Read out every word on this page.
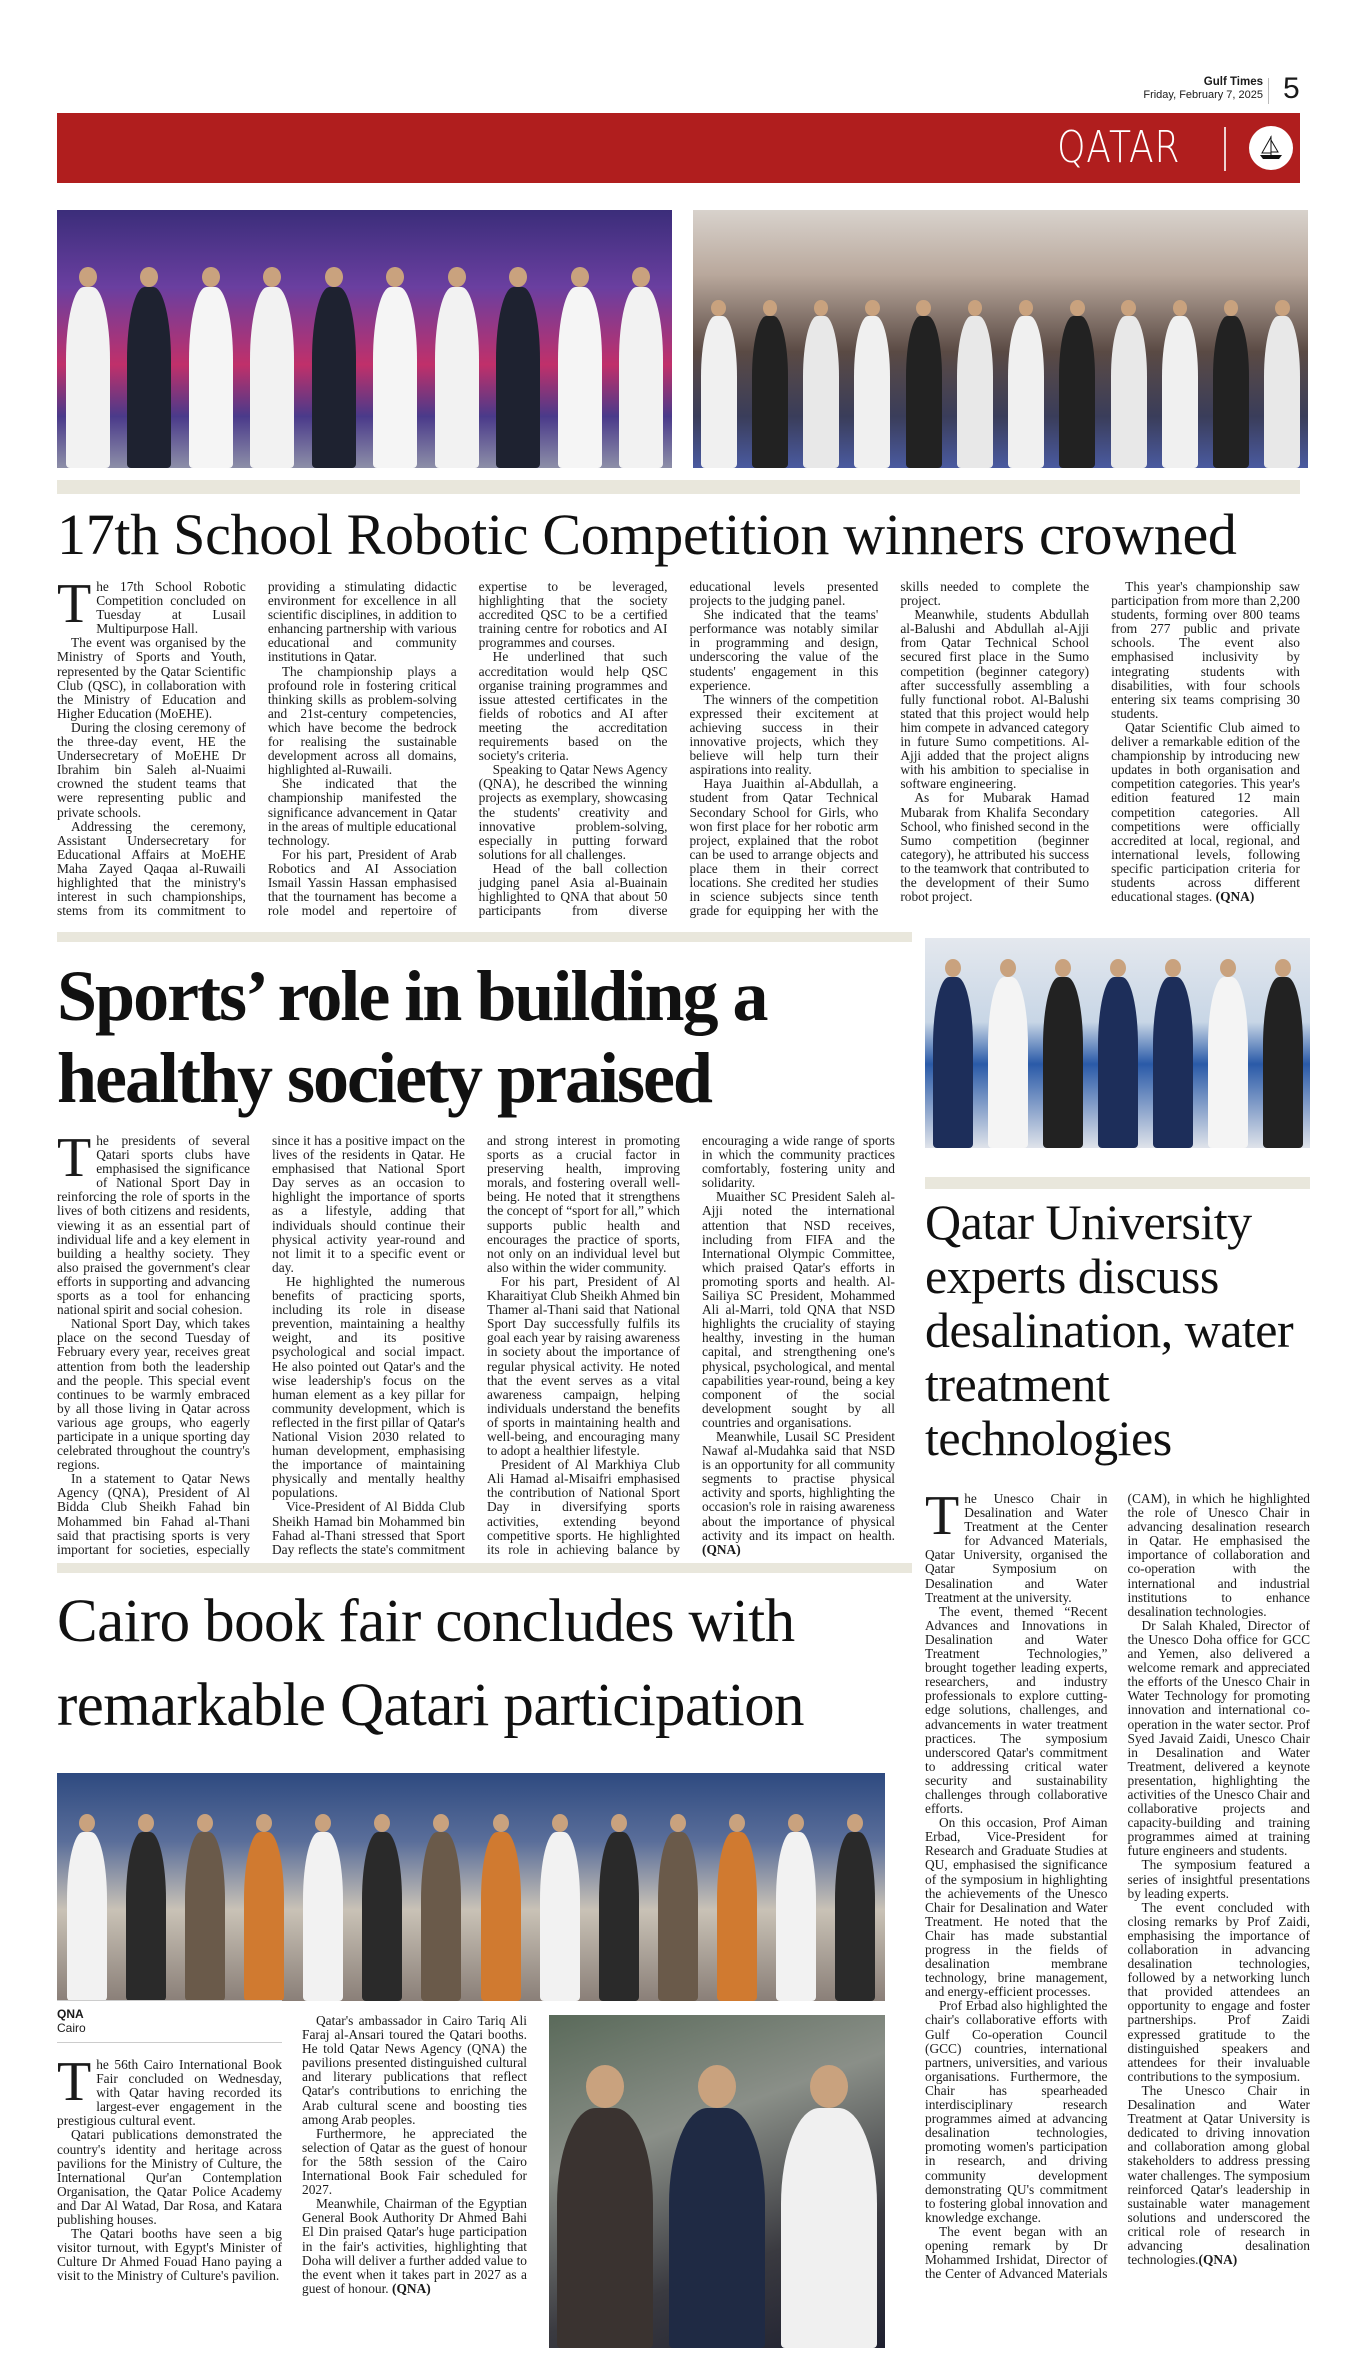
Gulf Times
Friday, February 7, 2025 5
QATAR
17th School Robotic Competition winners crowned

The 17th School Robotic Competition concluded on Tuesday at Lusail Multipurpose Hall.

The event was organised by the Ministry of Sports and Youth, represented by the Qatar Scientific Club (QSC), in collaboration with the Ministry of Education and Higher Education (MoEHE).

During the closing ceremony of the three-day event, HE the Undersecretary of MoEHE Dr Ibrahim bin Saleh al-Nuaimi crowned the student teams that were representing public and private schools.

Addressing the ceremony, Assistant Undersecretary for Educational Affairs at MoEHE Maha Zayed Qaqaa al-Ruwaili highlighted that the ministry's interest in such championships, stems from its commitment to providing a stimulating didactic environment for excellence in all scientific disciplines, in addition to enhancing partnership with various educational and community institutions in Qatar.

The championship plays a profound role in fostering critical thinking skills as problem-solving and 21st-century competencies, which have become the bedrock for realising the sustainable development across all domains, highlighted al-Ruwaili.

She indicated that the championship manifested the significance advancement in Qatar in the areas of multiple educational technology.

For his part, President of Arab Robotics and AI Association Ismail Yassin Hassan emphasised that the tournament has become a role model and repertoire of expertise to be leveraged, highlighting that the society accredited QSC to be a certified training centre for robotics and AI programmes and courses.

He underlined that such accreditation would help QSC organise training programmes and issue attested certificates in the fields of robotics and AI after meeting the accreditation requirements based on the society's criteria.

Speaking to Qatar News Agency (QNA), he described the winning projects as exemplary, showcasing the students' creativity and innovative problem-solving, especially in putting forward solutions for all challenges.

Head of the ball collection judging panel Asia al-Buainain highlighted to QNA that about 50 participants from diverse educational levels presented projects to the judging panel.

She indicated that the teams' performance was notably similar in programming and design, underscoring the value of the students' engagement in this experience.

The winners of the competition expressed their excitement at achieving success in their innovative projects, which they believe will help turn their aspirations into reality.

Haya Juaithin al-Abdullah, a student from Qatar Technical Secondary School for Girls, who won first place for her robotic arm project, explained that the robot can be used to arrange objects and place them in their correct locations. She credited her studies in science subjects since tenth grade for equipping her with the skills needed to complete the project.

Meanwhile, students Abdullah al-Balushi and Abdullah al-Ajji from Qatar Technical School secured first place in the Sumo competition (beginner category) after successfully assembling a fully functional robot. Al-Balushi stated that this project would help him compete in advanced category in future Sumo competitions. Al-Ajji added that the project aligns with his ambition to specialise in software engineering.

As for Mubarak Hamad Mubarak from Khalifa Secondary School, who finished second in the Sumo competition (beginner category), he attributed his success to the teamwork that contributed to the development of their Sumo robot project.

This year's championship saw participation from more than 2,200 students, forming over 800 teams from 277 public and private schools. The event also emphasised inclusivity by integrating students with disabilities, with four schools entering six teams comprising 30 students.

Qatar Scientific Club aimed to deliver a remarkable edition of the championship by introducing new updates in both organisation and competition categories. This year's edition featured 12 main competition categories. All competitions were officially accredited at local, regional, and international levels, following specific participation criteria for students across different educational stages. (QNA)

Sports’ role in building a
healthy society praised

The presidents of several Qatari sports clubs have emphasised the significance of National Sport Day in reinforcing the role of sports in the lives of both citizens and residents, viewing it as an essential part of individual life and a key element in building a healthy society. They also praised the government's clear efforts in supporting and advancing sports as a tool for enhancing national spirit and social cohesion.

National Sport Day, which takes place on the second Tuesday of February every year, receives great attention from both the leadership and the people. This special event continues to be warmly embraced by all those living in Qatar across various age groups, who eagerly participate in a unique sporting day celebrated throughout the country's regions.

In a statement to Qatar News Agency (QNA), President of Al Bidda Club Sheikh Fahad bin Mohammed bin Fahad al-Thani said that practising sports is very important for societies, especially since it has a positive impact on the lives of the residents in Qatar. He emphasised that National Sport Day serves as an occasion to highlight the importance of sports as a lifestyle, adding that individuals should continue their physical activity year-round and not limit it to a specific event or day.

He highlighted the numerous benefits of practicing sports, including its role in disease prevention, maintaining a healthy weight, and its positive psychological and social impact. He also pointed out Qatar's and the wise leadership's focus on the human element as a key pillar for community development, which is reflected in the first pillar of Qatar's National Vision 2030 related to human development, emphasising the importance of maintaining physically and mentally healthy populations.

Vice-President of Al Bidda Club Sheikh Hamad bin Mohammed bin Fahad al-Thani stressed that Sport Day reflects the state's commitment and strong interest in promoting sports as a crucial factor in preserving health, improving morals, and fostering overall well-being. He noted that it strengthens the concept of “sport for all,” which supports public health and encourages the practice of sports, not only on an individual level but also within the wider community.

For his part, President of Al Kharaitiyat Club Sheikh Ahmed bin Thamer al-Thani said that National Sport Day successfully fulfils its goal each year by raising awareness in society about the importance of regular physical activity. He noted that the event serves as a vital awareness campaign, helping individuals understand the benefits of sports in maintaining health and well-being, and encouraging many to adopt a healthier lifestyle.

President of Al Markhiya Club Ali Hamad al-Misaifri emphasised the contribution of National Sport Day in diversifying sports activities, extending beyond competitive sports. He highlighted its role in achieving balance by encouraging a wide range of sports in which the community practices comfortably, fostering unity and solidarity.

Muaither SC President Saleh al-Ajji noted the international attention that NSD receives, including from FIFA and the International Olympic Committee, which praised Qatar's efforts in promoting sports and health. Al-Sailiya SC President, Mohammed Ali al-Marri, told QNA that NSD highlights the cruciality of staying healthy, investing in the human capital, and strengthening one's physical, psychological, and mental capabilities year-round, being a key component of the social development sought by all countries and organisations.

Meanwhile, Lusail SC President Nawaf al-Mudahka said that NSD is an opportunity for all community segments to practise physical activity and sports, highlighting the occasion's role in raising awareness about the importance of physical activity and its impact on health. (QNA)

Qatar University experts discuss desalination, water treatment technologies

The Unesco Chair in Desalination and Water Treatment at the Center for Advanced Materials, Qatar University, organised the Qatar Symposium on Desalination and Water Treatment at the university.

The event, themed “Recent Advances and Innovations in Desalination and Water Treatment Technologies,” brought together leading experts, researchers, and industry professionals to explore cutting-edge solutions, challenges, and advancements in water treatment practices. The symposium underscored Qatar's commitment to addressing critical water security and sustainability challenges through collaborative efforts.

On this occasion, Prof Aiman Erbad, Vice-President for Research and Graduate Studies at QU, emphasised the significance of the symposium in highlighting the achievements of the Unesco Chair for Desalination and Water Treatment. He noted that the Chair has made substantial progress in the fields of desalination membrane technology, brine management, and energy-efficient processes.

Prof Erbad also highlighted the chair's collaborative efforts with Gulf Co-operation Council (GCC) countries, international partners, universities, and various organisations. Furthermore, the Chair has spearheaded interdisciplinary research programmes aimed at advancing desalination technologies, promoting women's participation in research, and driving community development demonstrating QU's commitment to fostering global innovation and knowledge exchange.

The event began with an opening remark by Dr Mohammed Irshidat, Director of the Center of Advanced Materials (CAM), in which he highlighted the role of Unesco Chair in advancing desalination research in Qatar. He emphasised the importance of collaboration and co-operation with the international and industrial institutions to enhance desalination technologies.

Dr Salah Khaled, Director of the Unesco Doha office for GCC and Yemen, also delivered a welcome remark and appreciated the efforts of the Unesco Chair in Water Technology for promoting innovation and international co-operation in the water sector. Prof Syed Javaid Zaidi, Unesco Chair in Desalination and Water Treatment, delivered a keynote presentation, highlighting the activities of the Unesco Chair and collaborative projects and capacity-building and training programmes aimed at training future engineers and students.

The symposium featured a series of insightful presentations by leading experts.

The event concluded with closing remarks by Prof Zaidi, emphasising the importance of collaboration in advancing desalination technologies, followed by a networking lunch that provided attendees an opportunity to engage and foster partnerships. Prof Zaidi expressed gratitude to the distinguished speakers and attendees for their invaluable contributions to the symposium.

The Unesco Chair in Desalination and Water Treatment at Qatar University is dedicated to driving innovation and collaboration among global stakeholders to address pressing water challenges. The symposium reinforced Qatar's leadership in sustainable water management solutions and underscored the critical role of research in advancing desalination technologies.(QNA)

Cairo book fair concludes with remarkable Qatari participation
QNA
Cairo

The 56th Cairo International Book Fair concluded on Wednesday, with Qatar having recorded its largest-ever engagement in the prestigious cultural event.

Qatari publications demonstrated the country's identity and heritage across pavilions for the Ministry of Culture, the International Qur'an Contemplation Organisation, the Qatar Police Academy and Dar Al Watad, Dar Rosa, and Katara publishing houses.

The Qatari booths have seen a big visitor turnout, with Egypt's Minister of Culture Dr Ahmed Fouad Hano paying a visit to the Ministry of Culture's pavilion.

Qatar's ambassador in Cairo Tariq Ali Faraj al-Ansari toured the Qatari booths. He told Qatar News Agency (QNA) the pavilions presented distinguished cultural and literary publications that reflect Qatar's contributions to enriching the Arab cultural scene and boosting ties among Arab peoples.

Furthermore, he appreciated the selection of Qatar as the guest of honour for the 58th session of the Cairo International Book Fair scheduled for 2027.

Meanwhile, Chairman of the Egyptian General Book Authority Dr Ahmed Bahi El Din praised Qatar's huge participation in the fair's activities, highlighting that Doha will deliver a further added value to the event when it takes part in 2027 as a guest of honour. (QNA)
